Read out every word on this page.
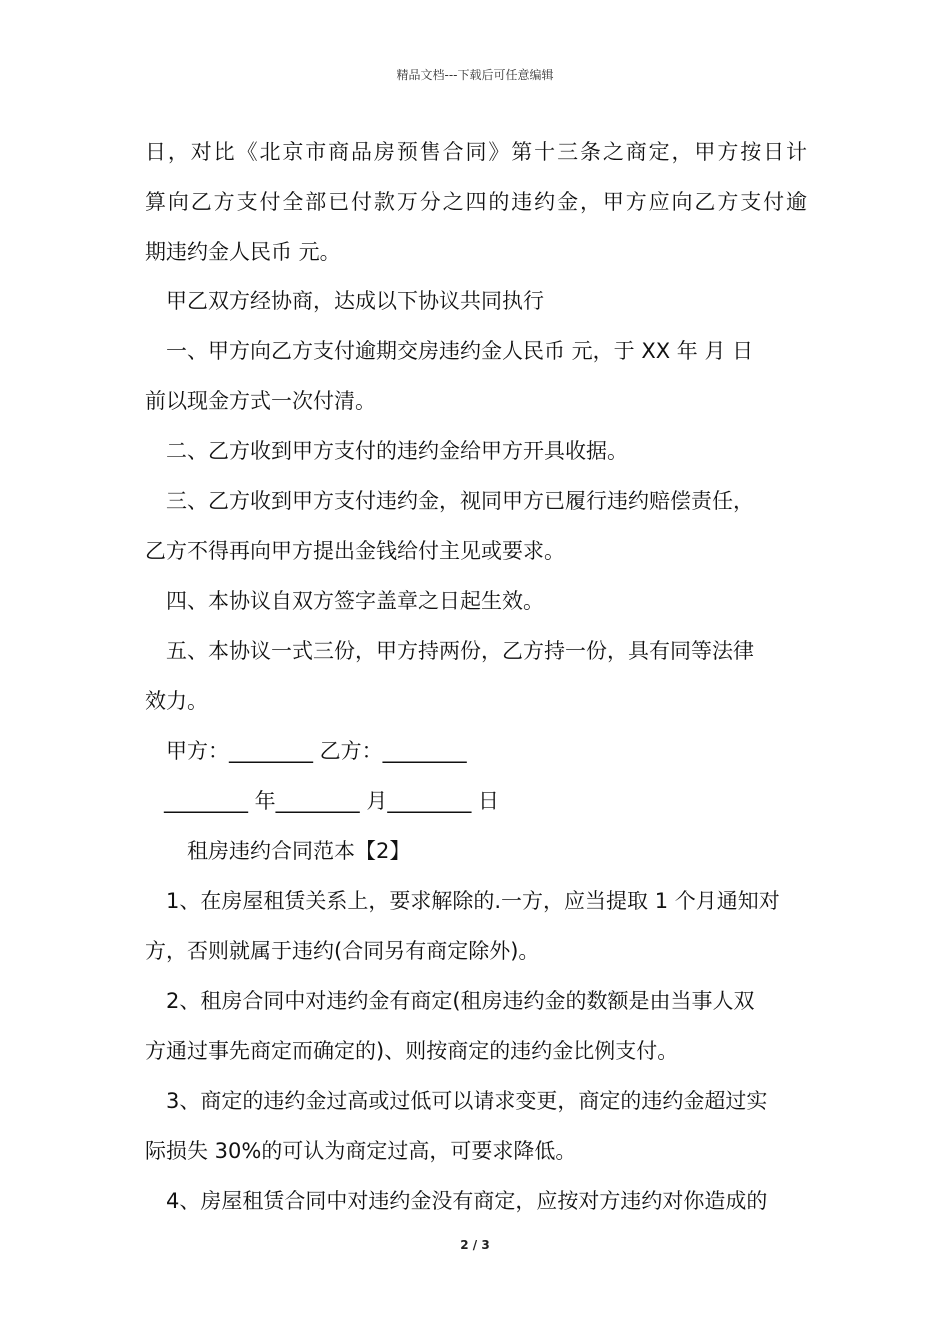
精品文档---下载后可任意编辑
日，对比《北京市商品房预售合同》第十三条之商定，甲方按日计
算向乙方支付全部已付款万分之四的违约金，甲方应向乙方支付逾
期违约金人民币 元。
甲乙双方经协商，达成以下协议共同执行
一、甲方向乙方支付逾期交房违约金人民币 元，于 XX 年 月 日
前以现金方式一次付清。
二、乙方收到甲方支付的违约金给甲方开具收据。
三、乙方收到甲方支付违约金，视同甲方已履行违约赔偿责任，
乙方不得再向甲方提出金钱给付主见或要求。
四、本协议自双方签字盖章之日起生效。
五、本协议一式三份，甲方持两份，乙方持一份，具有同等法律
效力。
甲方：________ 乙方：________
________ 年________ 月________ 日
租房违约合同范本【2】
1、在房屋租赁关系上，要求解除的.一方，应当提取 1 个月通知对
方，否则就属于违约(合同另有商定除外)。
2、租房合同中对违约金有商定(租房违约金的数额是由当事人双
方通过事先商定而确定的)、则按商定的违约金比例支付。
3、商定的违约金过高或过低可以请求变更，商定的违约金超过实
际损失 30%的可认为商定过高，可要求降低。
4、房屋租赁合同中对违约金没有商定，应按对方违约对你造成的
2 / 3
